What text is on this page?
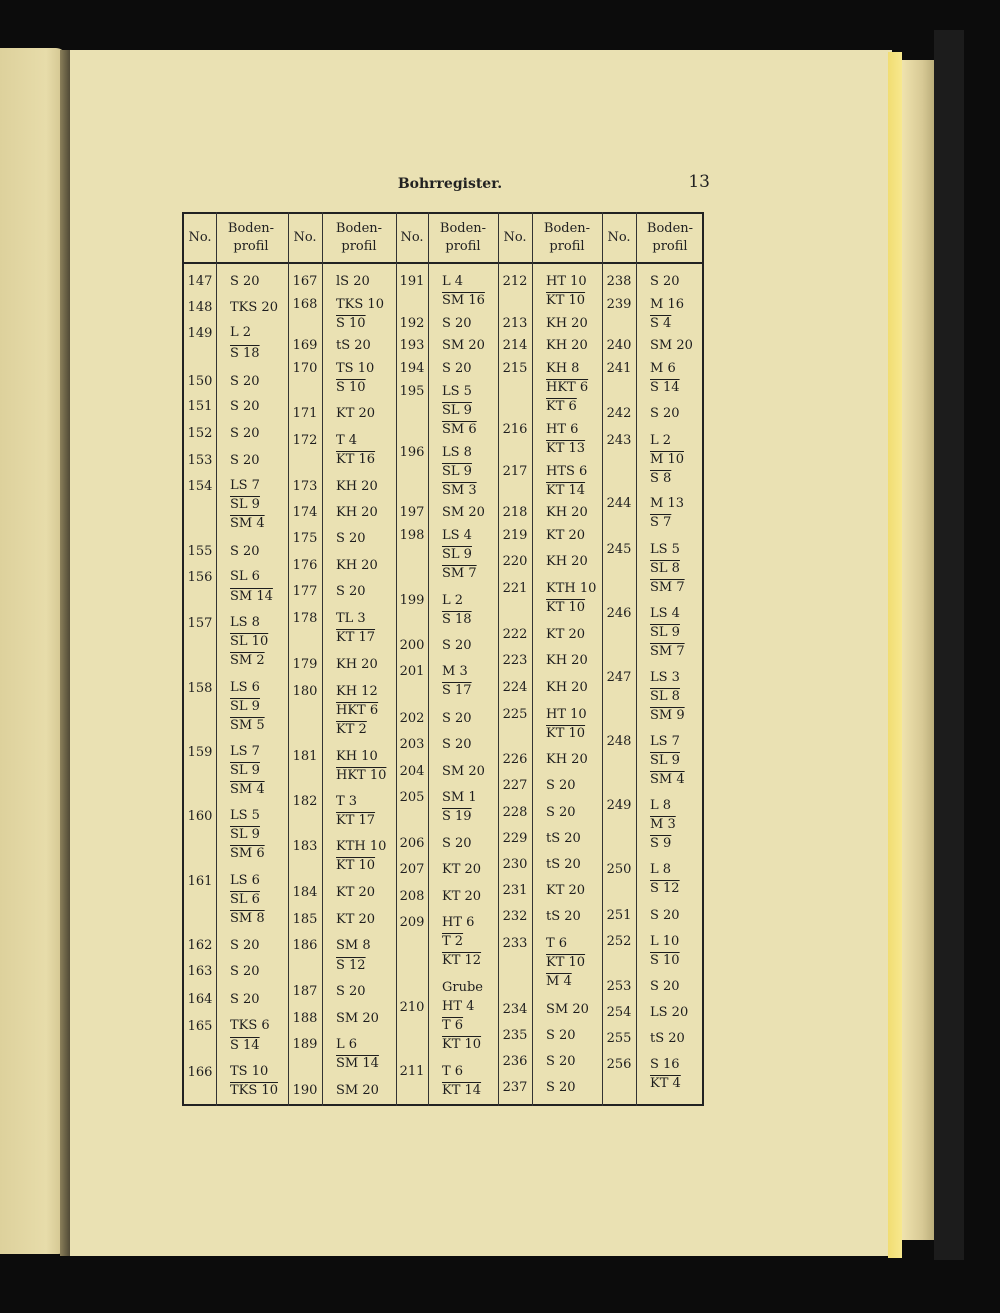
Bohrregister.	13
No.
Boden-
profil
147
148
149
150
151
152
153
154
155
156
157
158
159
160
161
162
163
164
165
166
S 20
TKS 20
L 2
S 18
S 20
S 20
S 20
S 20
LS 7
SL 9
SM 4
S 20
SL 6
SM 14
LS 8
SL 10
SM 2
LS 6
SL 9
SM 5
LS 7
SL 9
SM 4
LS 5
SL 9
SM 6
LS 6
SL 6
SM 8
S 20
S 20
S 20
TKS 6
S 14
TS 10
TKS 10
No.
Boden-
profil
167
168
169
170
171
172
173
174
175
176
177
178
179
180
181
182
183
184
185
186
187
188
189
190
lS 20
TKS 10
S 10
tS 20
TS 10
S 10
KT 20
T 4
KT 16
KH 20
KH 20
S 20
KH 20
S 20
TL 3
KT 17
KH 20
KH 12
HKT 6
KT 2
KH 10
HKT 10
T 3
KT 17
KTH 10
KT 10
KT 20
KT 20
SM 8
S 12
S 20
SM 20
L 6
SM 14
SM 20
No.
Boden-
profil
191
192
193
194
195
196
197
198
199
200
201
202
203
204
205
206
207
208
209
210
211
L 4
SM 16
S 20
SM 20
S 20
LS 5
SL 9
SM 6
LS 8
SL 9
SM 3
SM 20
LS 4
SL 9
SM 7
L 2
S 18
S 20
M 3
S 17
S 20
S 20
SM 20
SM 1
S 19
S 20
KT 20
KT 20
HT 6
T 2
KT 12
Grube
HT 4
T 6
KT 10
T 6
KT 14
No.
Boden-
profil
212
213
214
215
216
217
218
219
220
221
222
223
224
225
226
227
228
229
230
231
232
233
234
235
236
237
HT 10
KT 10
KH 20
KH 20
KH 8
HKT 6
KT 6
HT 6
KT 13
HTS 6
KT 14
KH 20
KT 20
KH 20
KTH 10
KT 10
KT 20
KH 20
KH 20
HT 10
KT 10
KH 20
S 20
S 20
tS 20
tS 20
KT 20
tS 20
T 6
KT 10
M 4
SM 20
S 20
S 20
S 20
No.
Boden-
profil
238
239
240
241
242
243
244
245
246
247
248
249
250
251
252
253
254
255
256
S 20
M 16
S 4
SM 20
M 6
S 14
S 20
L 2
M 10
S 8
M 13
S 7
LS 5
SL 8
SM 7
LS 4
SL 9
SM 7
LS 3
SL 8
SM 9
LS 7
SL 9
SM 4
L 8
M 3
S 9
L 8
S 12
S 20
L 10
S 10
S 20
LS 20
tS 20
S 16
KT 4
